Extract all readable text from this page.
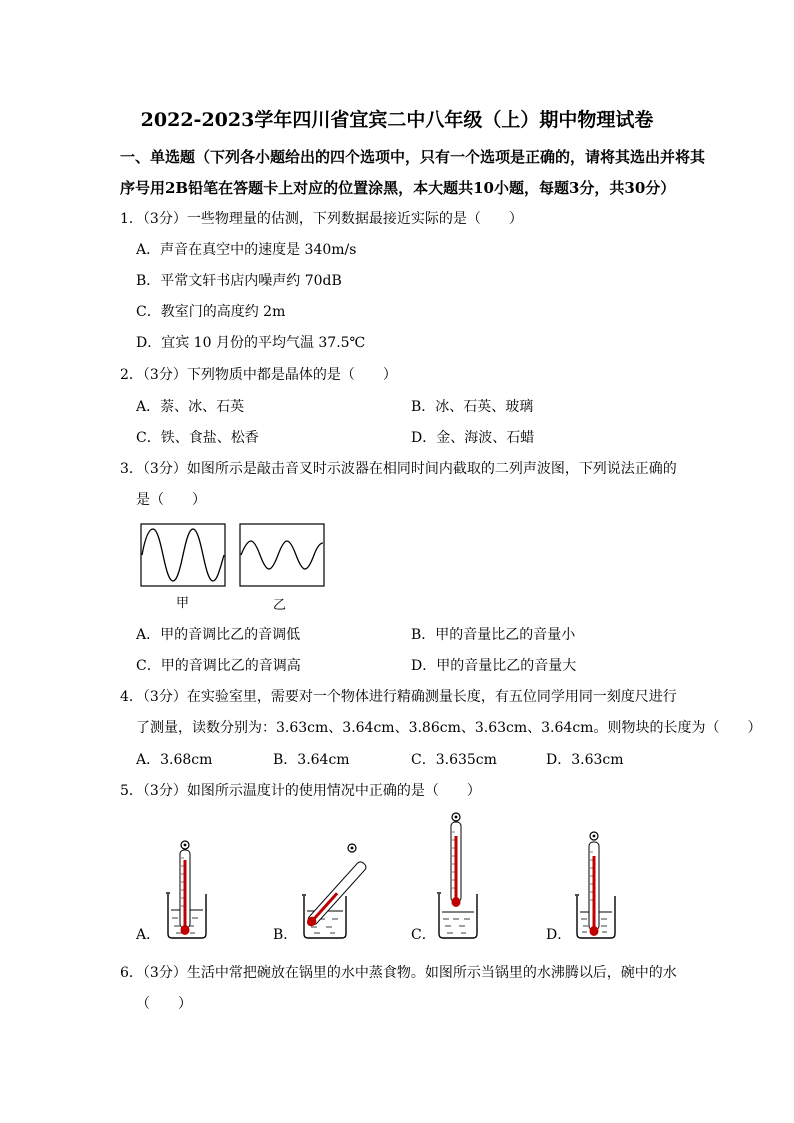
2022-2023学年四川省宜宾二中八年级（上）期中物理试卷
一、单选题（下列各小题给出的四个选项中，只有一个选项是正确的，请将其选出并将其
序号用2B铅笔在答题卡上对应的位置涂黑，本大题共10小题，每题3分，共30分）
1．（3分）一些物理量的估测，下列数据最接近实际的是（　　）
A．声音在真空中的速度是 340m/s
B．平常文轩书店内噪声约 70dB
C．教室门的高度约 2m
D．宜宾 10 月份的平均气温 37.5℃
2．（3分）下列物质中都是晶体的是（　　）
A．萘、冰、石英	B．冰、石英、玻璃
C．铁、食盐、松香	D．金、海波、石蜡
3．（3分）如图所示是敲击音叉时示波器在相同时间内截取的二列声波图，下列说法正确的
是（　　）
甲	乙
A．甲的音调比乙的音调低	B．甲的音量比乙的音量小
C．甲的音调比乙的音调高	D．甲的音量比乙的音量大
4．（3分）在实验室里，需要对一个物体进行精确测量长度，有五位同学用同一刻度尺进行
了测量，读数分别为：3.63cm、3.64cm、3.86cm、3.63cm、3.64cm。则物块的长度为（　　）
A．3.68cm	B．3.64cm	C．3.635cm	D．3.63cm
5．（3分）如图所示温度计的使用情况中正确的是（　　）
A．	B．	C．	D．
6．（3分）生活中常把碗放在锅里的水中蒸食物。如图所示当锅里的水沸腾以后，碗中的水
（　　）
